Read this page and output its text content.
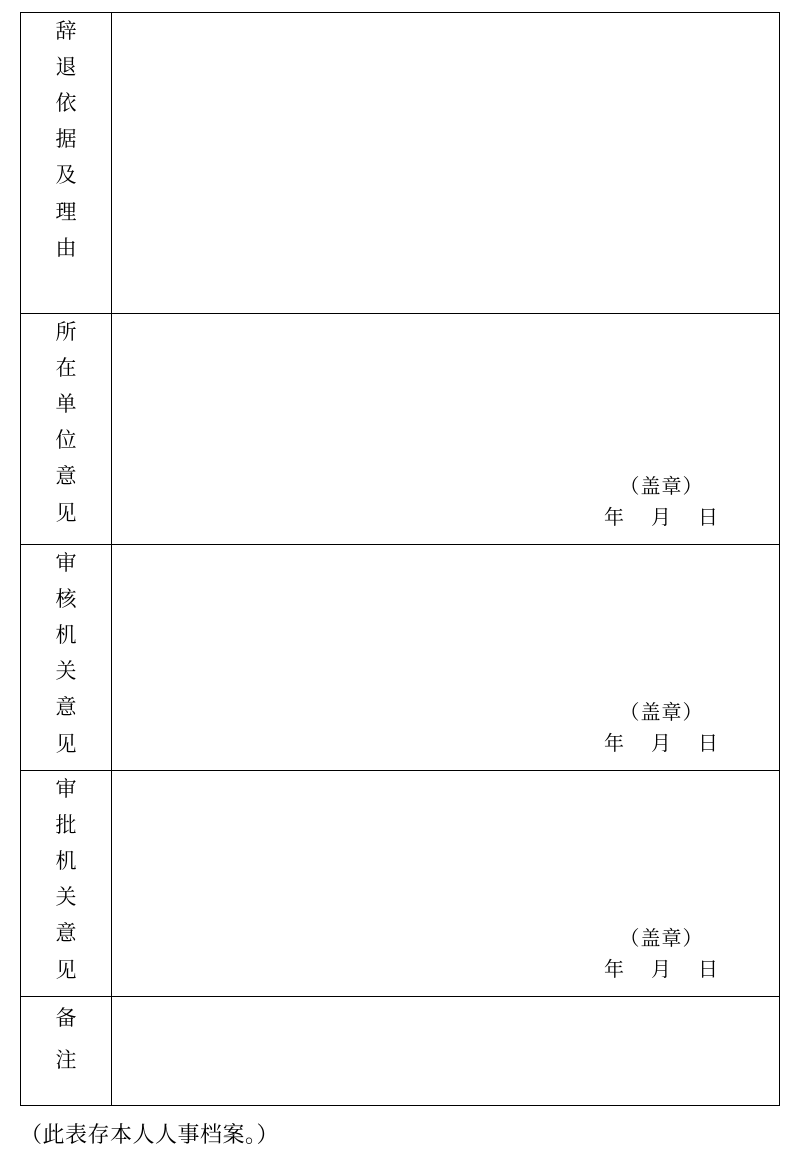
辞
退
依
据
及
理
由

所
在
单
位
意
见

（盖章）
年 月 日

审
核
机
关
意
见

（盖章）
年 月 日

审
批
机
关
意
见

（盖章）
年 月 日

备
注	

（此表存本人人事档案。）
